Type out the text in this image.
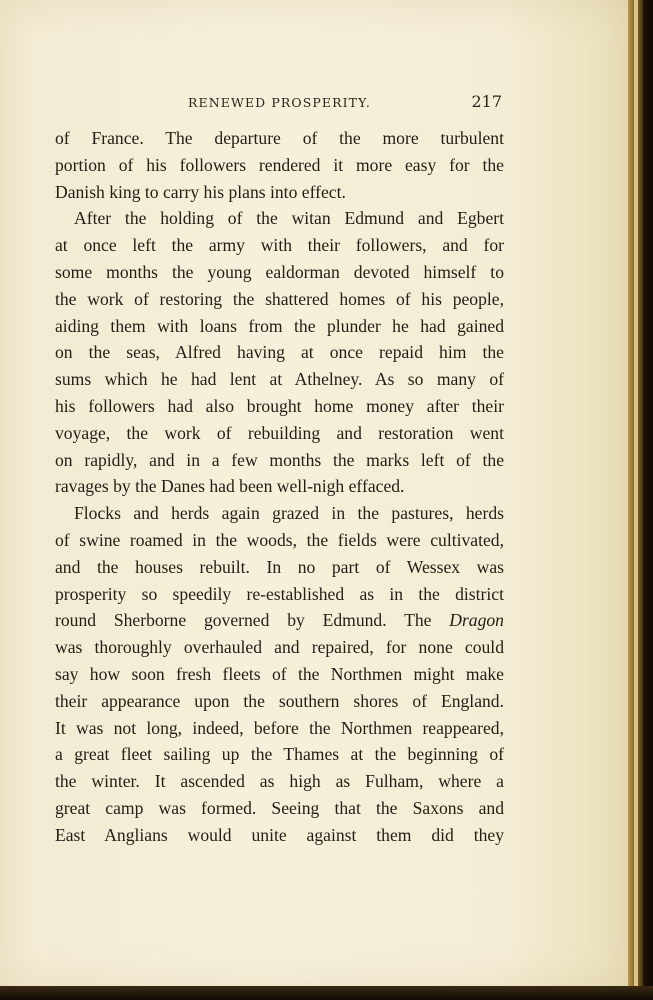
RENEWED PROSPERITY.	217
of France. The departure of the more turbulent
portion of his followers rendered it more easy for the
Danish king to carry his plans into effect.
After the holding of the witan Edmund and Egbert
at once left the army with their followers, and for
some months the young ealdorman devoted himself to
the work of restoring the shattered homes of his people,
aiding them with loans from the plunder he had gained
on the seas, Alfred having at once repaid him the
sums which he had lent at Athelney. As so many of
his followers had also brought home money after their
voyage, the work of rebuilding and restoration went
on rapidly, and in a few months the marks left of the
ravages by the Danes had been well-nigh effaced.
Flocks and herds again grazed in the pastures, herds
of swine roamed in the woods, the fields were cultivated,
and the houses rebuilt. In no part of Wessex was
prosperity so speedily re-established as in the district
round Sherborne governed by Edmund. The Dragon
was thoroughly overhauled and repaired, for none could
say how soon fresh fleets of the Northmen might make
their appearance upon the southern shores of England.
It was not long, indeed, before the Northmen reappeared,
a great fleet sailing up the Thames at the beginning of
the winter. It ascended as high as Fulham, where a
great camp was formed. Seeing that the Saxons and
East Anglians would unite against them did they
